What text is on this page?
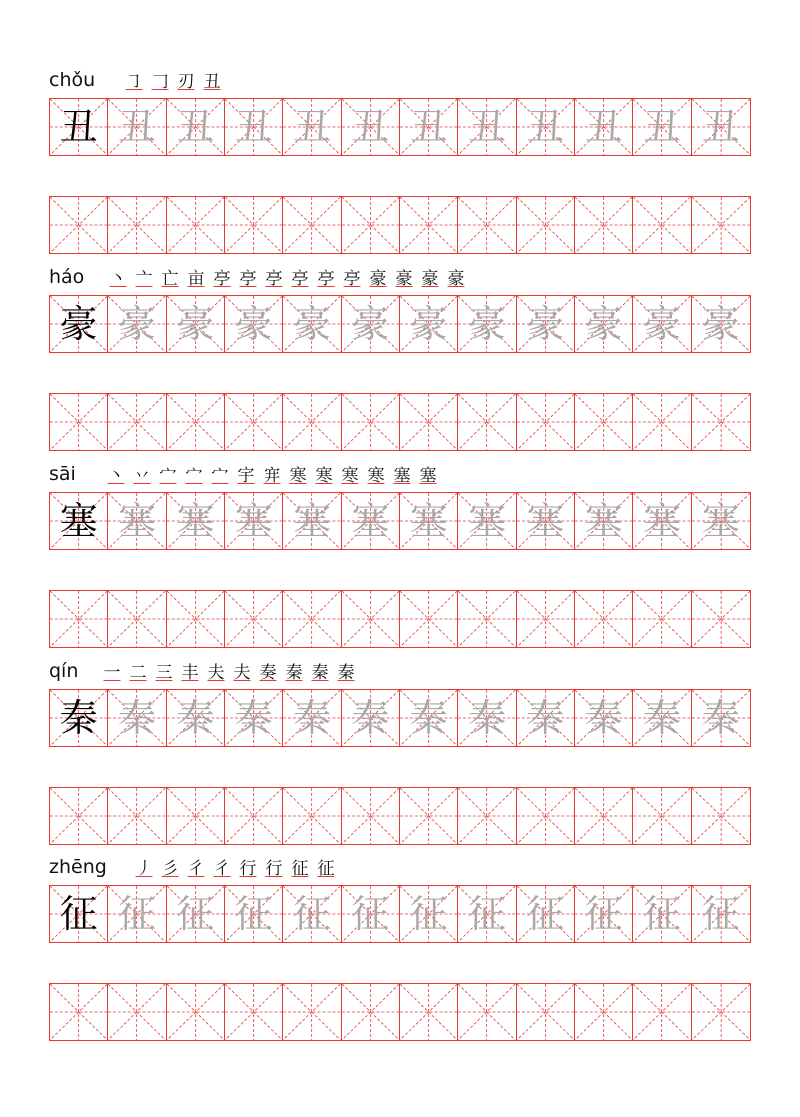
chǒu ㇆ 𠃌 刃 丑
丑 丑 丑 丑 丑 丑 丑 丑 丑 丑 丑 丑
háo 丶 亠 亡 亩 亭 亭 亭 亭 亭 亭 豪 豪 豪 豪
豪 豪 豪 豪 豪 豪 豪 豪 豪 豪 豪 豪
sāi 丶 丷 宀 宀 宀 宇 宑 寒 寒 寒 寒 塞 塞
塞 塞 塞 塞 塞 塞 塞 塞 塞 塞 塞 塞
qín 一 二 三 丰 夫 夫 奏 秦 秦 秦
秦 秦 秦 秦 秦 秦 秦 秦 秦 秦 秦 秦
zhēng 丿 彡 彳 彳 行 行 征 征
征 征 征 征 征 征 征 征 征 征 征 征
